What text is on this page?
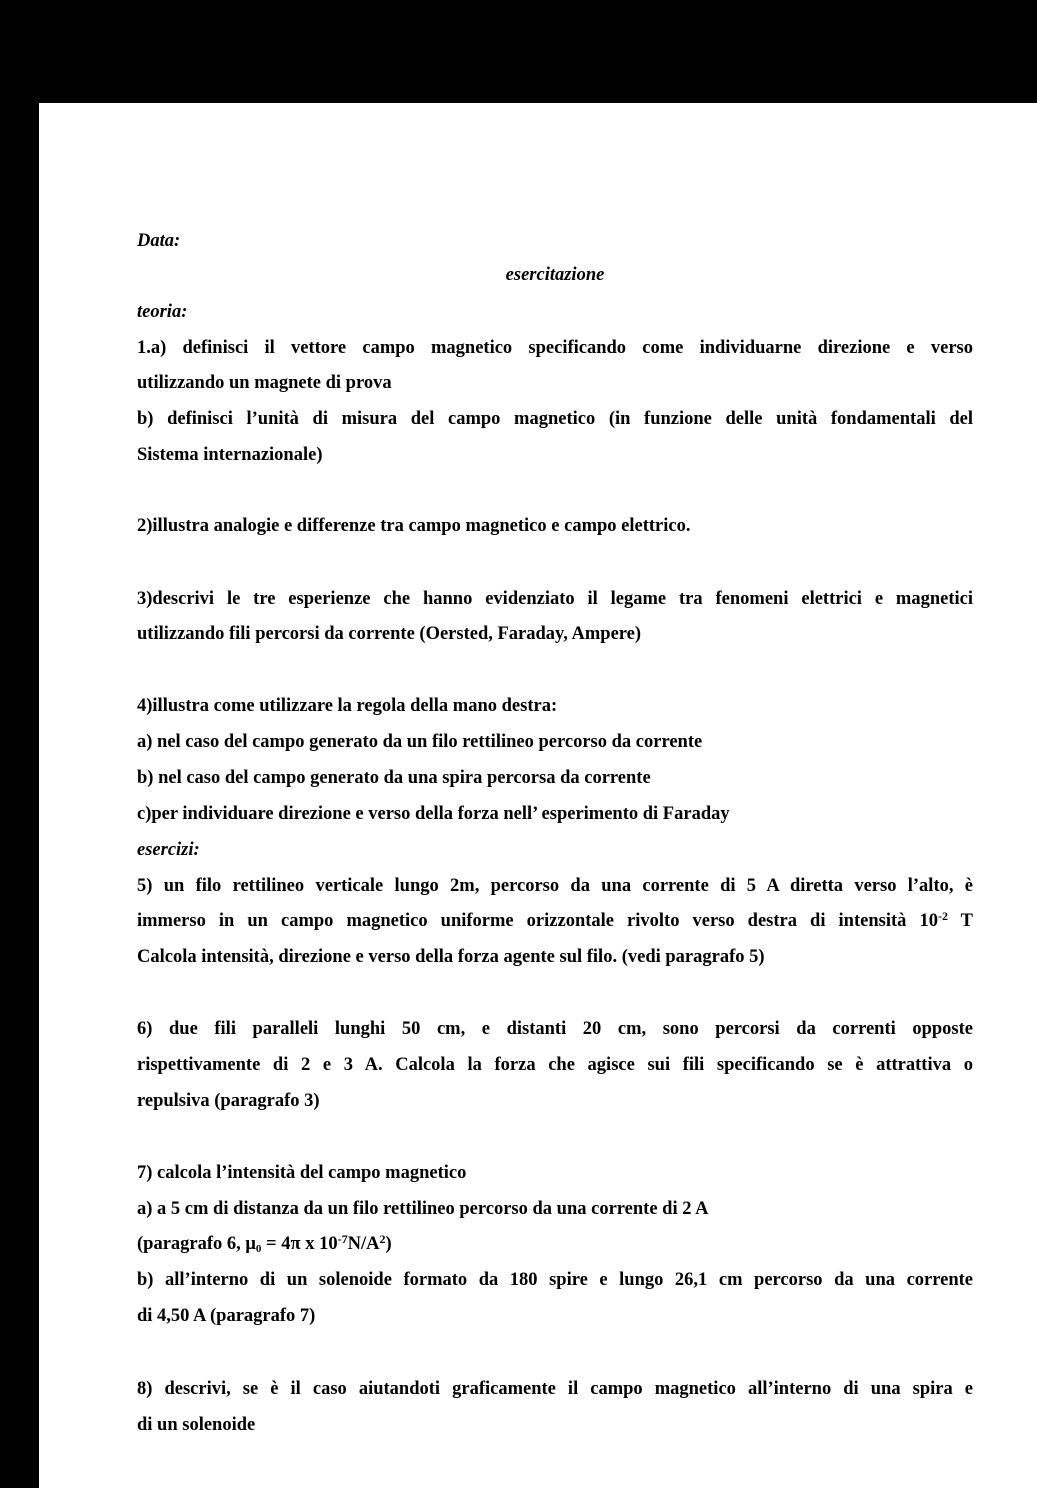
Data:
esercitazione
teoria:
1.a) definisci il vettore campo magnetico specificando come individuarne direzione e verso
utilizzando un magnete di prova
b) definisci l’unità di misura del campo magnetico (in funzione delle unità fondamentali del
Sistema internazionale)
2)illustra analogie e differenze tra campo magnetico e campo elettrico.
3)descrivi le tre esperienze che hanno evidenziato il legame tra fenomeni elettrici e magnetici
utilizzando fili percorsi da corrente (Oersted, Faraday, Ampere)
4)illustra come utilizzare la regola della mano destra:
a) nel caso del campo generato da un filo rettilineo percorso da corrente
b) nel caso del campo generato da una spira percorsa da corrente
c)per individuare direzione e verso della forza nell’ esperimento di Faraday
esercizi:
5) un filo rettilineo verticale lungo 2m, percorso da una corrente di 5 A diretta verso l’alto, è
immerso in un campo magnetico uniforme orizzontale rivolto verso destra di intensità $10^{-2}$ T
Calcola intensità, direzione e verso della forza agente sul filo. (vedi paragrafo 5)
6) due fili paralleli lunghi 50 cm, e distanti 20 cm, sono percorsi da correnti opposte
rispettivamente di 2 e 3 A. Calcola la forza che agisce sui fili specificando se è attrattiva o
repulsiva (paragrafo 3)
7) calcola l’intensità del campo magnetico
a) a 5 cm di distanza da un filo rettilineo percorso da una corrente di 2 A
(paragrafo 6, $\mu_0 = 4\pi$ x $10^{-7}N/A^2$)
b) all’interno di un solenoide formato da 180 spire e lungo 26,1 cm percorso da una corrente
di 4,50 A (paragrafo 7)
8) descrivi, se è il caso aiutandoti graficamente il campo magnetico all’interno di una spira e
di un solenoide
